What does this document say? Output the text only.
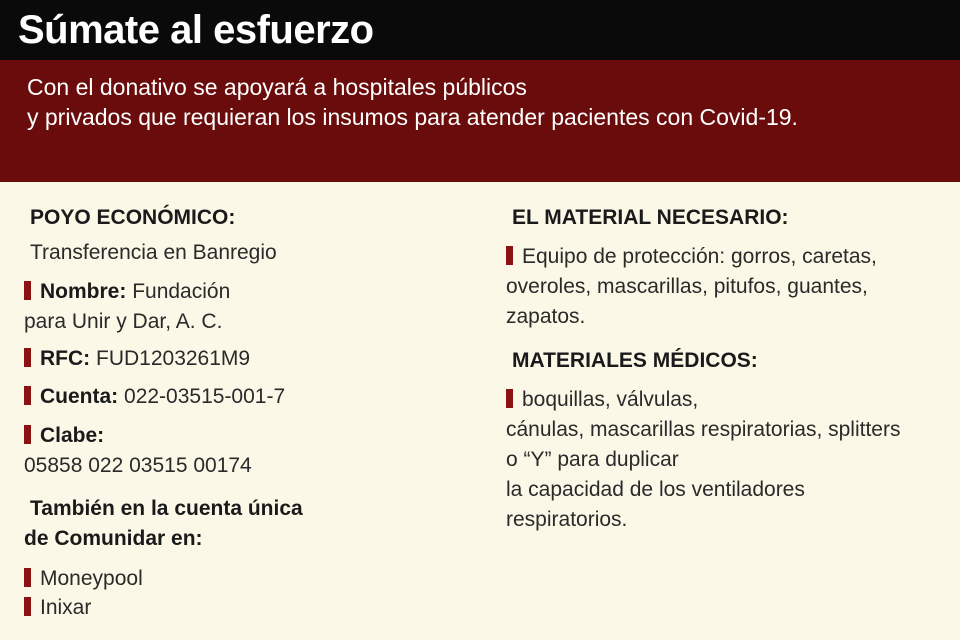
Súmate al esfuerzo
Con el donativo se apoyará a hospitales públicos
y privados que requieran los insumos para atender pacientes con Covid-19.
POYO ECONÓMICO:
Transferencia en Banregio
Nombre: Fundación
para Unir y Dar, A. C.
RFC: FUD1203261M9
Cuenta: 022-03515-001-7
Clabe:
05858 022 03515 00174
También en la cuenta única
de Comunidar en:
Moneypool
Inixar
EL MATERIAL NECESARIO:
Equipo de protección: gorros, caretas,
overoles, mascarillas, pitufos, guantes,
zapatos.
MATERIALES MÉDICOS:
boquillas, válvulas,
cánulas, mascarillas respiratorias, splitters
o “Y” para duplicar
la capacidad de los ventiladores
respiratorios.
